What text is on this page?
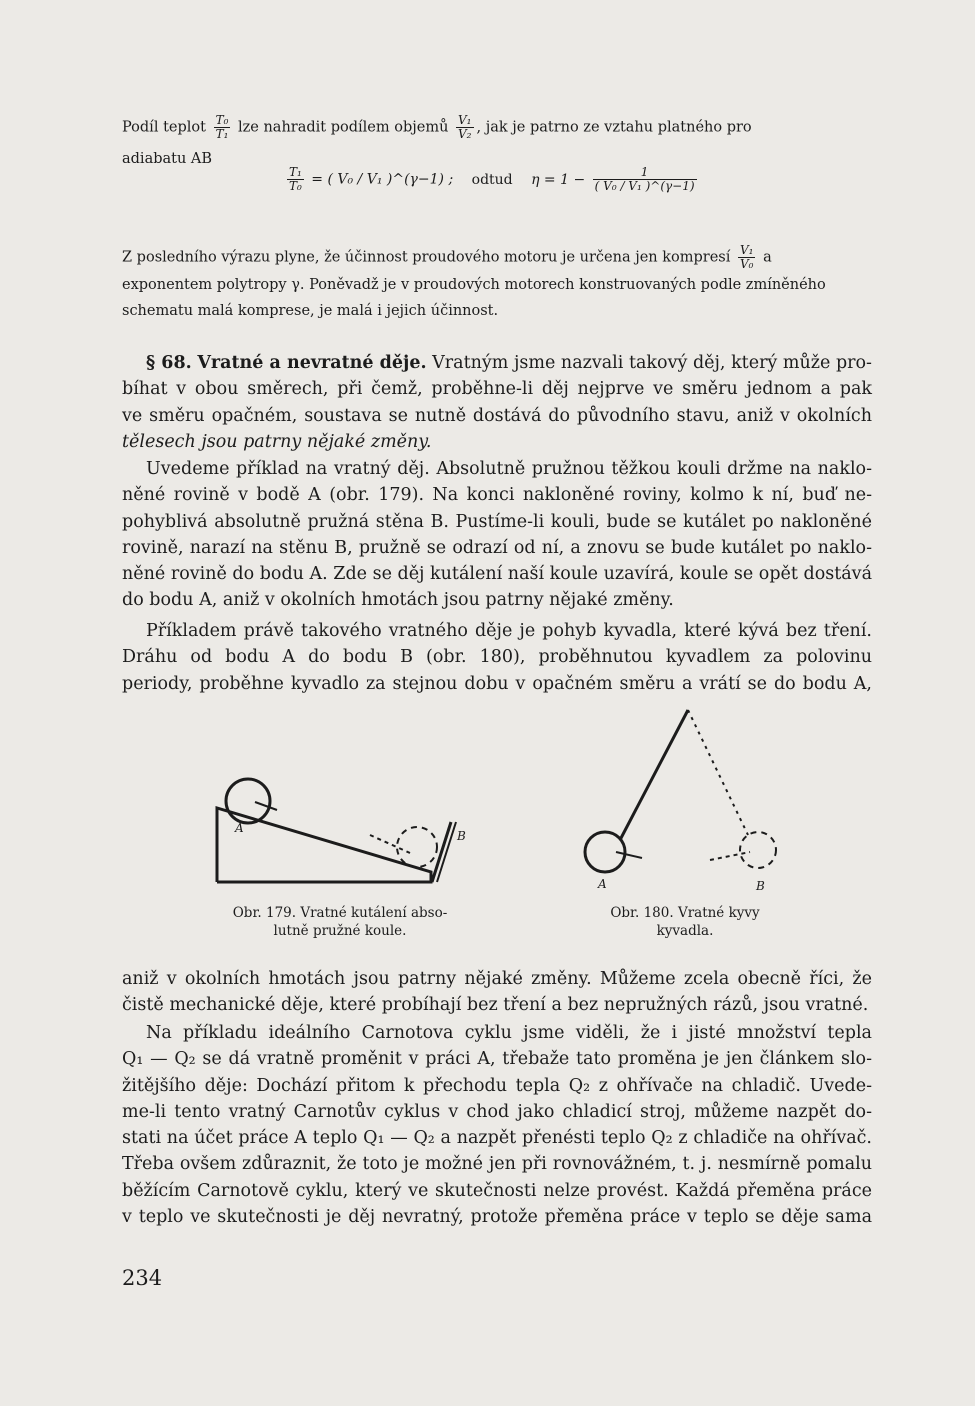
Podíl teplot $\frac{\text{T₀}}{\text{T₁}}$ lze nahradit podílem objemů $\frac{\text{V₁}}{\text{V₂}}$ , jak je patrno ze vztahu platného pro
adiabatu AB
$\frac{\text{T₁}}{\text{T₀}}$ = ( V₀ / V₁ )^(γ−1) ; odtud $\eta = 1 - \frac{1}{\text{( V₀ / V₁ )\textasciicircum{}(γ−1)}}$
Z posledního výrazu plyne, že účinnost proudového motoru je určena jen kompresí $\frac{\text{V₁}}{\text{V₀}}$ a
exponentem polytropy γ. Poněvadž je v proudových motorech konstruovaných podle zmíněného
schematu malá komprese, je malá i jejich účinnost.
§ 68. Vratné a nevratné děje. Vratným jsme nazvali takový děj, který může pro-
bíhat v obou směrech, při čemž, proběhne-li děj nejprve ve směru jednom a pak
ve směru opačném, soustava se nutně dostává do původního stavu, aniž v okolních
tělesech jsou patrny nějaké změny.
Uvedeme příklad na vratný děj. Absolutně pružnou těžkou kouli držme na naklo-
něné rovině v bodě A (obr. 179). Na konci nakloněné roviny, kolmo k ní, buď ne-
pohyblivá absolutně pružná stěna B. Pustíme-li kouli, bude se kutálet po nakloněné
rovině, narazí na stěnu B, pružně se odrazí od ní, a znovu se bude kutálet po naklo-
něné rovině do bodu A. Zde se děj kutálení naší koule uzavírá, koule se opět dostává
do bodu A, aniž v okolních hmotách jsou patrny nějaké změny.
Příkladem právě takového vratného děje je pohyb kyvadla, které kývá bez tření.
Dráhu od bodu A do bodu B (obr. 180), proběhnutou kyvadlem za polovinu
periody, proběhne kyvadlo za stejnou dobu v opačném směru a vrátí se do bodu A,
A
B
Obr. 179. Vratné kutálení abso-
lutně pružné koule.
A	B
Obr. 180. Vratné kyvy
kyvadla.
aniž v okolních hmotách jsou patrny nějaké změny. Můžeme zcela obecně říci, že
čistě mechanické děje, které probíhají bez tření a bez nepružných rázů, jsou vratné.
Na příkladu ideálního Carnotova cyklu jsme viděli, že i jisté množství tepla
Q₁ — Q₂ se dá vratně proměnit v práci A, třebaže tato proměna je jen článkem slo-
žitějšího děje: Dochází přitom k přechodu tepla Q₂ z ohřívače na chladič. Uvede-
me-li tento vratný Carnotův cyklus v chod jako chladicí stroj, můžeme nazpět do-
stati na účet práce A teplo Q₁ — Q₂ a nazpět přenésti teplo Q₂ z chladiče na ohřívač.
Třeba ovšem zdůraznit, že toto je možné jen při rovnovážném, t. j. nesmírně pomalu
běžícím Carnotově cyklu, který ve skutečnosti nelze provést. Každá přeměna práce
v teplo ve skutečnosti je děj nevratný, protože přeměna práce v teplo se děje sama
234
